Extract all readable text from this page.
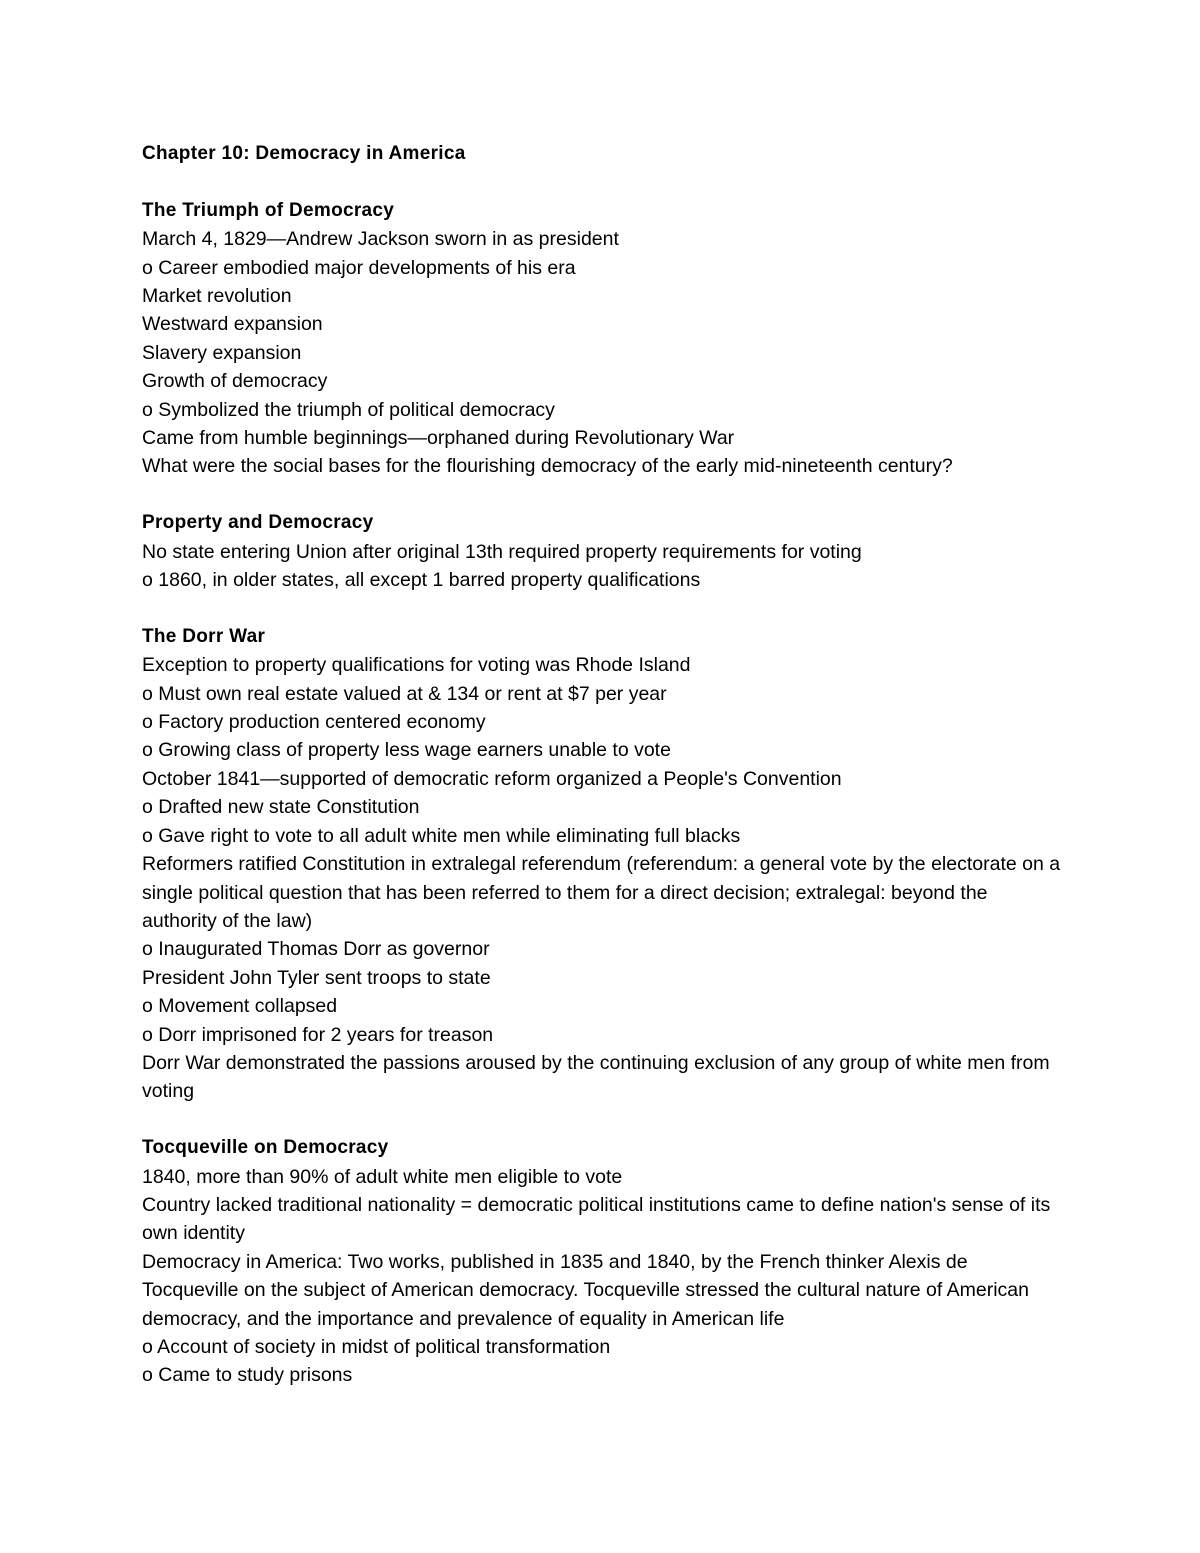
Chapter 10: Democracy in America
The Triumph of Democracy
March 4, 1829—Andrew Jackson sworn in as president
o Career embodied major developments of his era
Market revolution
Westward expansion
Slavery expansion
Growth of democracy
o Symbolized the triumph of political democracy
Came from humble beginnings—orphaned during Revolutionary War
What were the social bases for the flourishing democracy of the early mid-nineteenth century?
Property and Democracy
No state entering Union after original 13th required property requirements for voting
o 1860, in older states, all except 1 barred property qualifications
The Dorr War
Exception to property qualifications for voting was Rhode Island
o Must own real estate valued at & 134 or rent at $7 per year
o Factory production centered economy
o Growing class of property less wage earners unable to vote
October 1841—supported of democratic reform organized a People's Convention
o Drafted new state Constitution
o Gave right to vote to all adult white men while eliminating full blacks
Reformers ratified Constitution in extralegal referendum (referendum: a general vote by the electorate on a single political question that has been referred to them for a direct decision; extralegal: beyond the authority of the law)
o Inaugurated Thomas Dorr as governor
President John Tyler sent troops to state
o Movement collapsed
o Dorr imprisoned for 2 years for treason
Dorr War demonstrated the passions aroused by the continuing exclusion of any group of white men from voting
Tocqueville on Democracy
1840, more than 90% of adult white men eligible to vote
Country lacked traditional nationality = democratic political institutions came to define nation's sense of its own identity
Democracy in America: Two works, published in 1835 and 1840, by the French thinker Alexis de Tocqueville on the subject of American democracy. Tocqueville stressed the cultural nature of American democracy, and the importance and prevalence of equality in American life
o Account of society in midst of political transformation
o Came to study prisons
